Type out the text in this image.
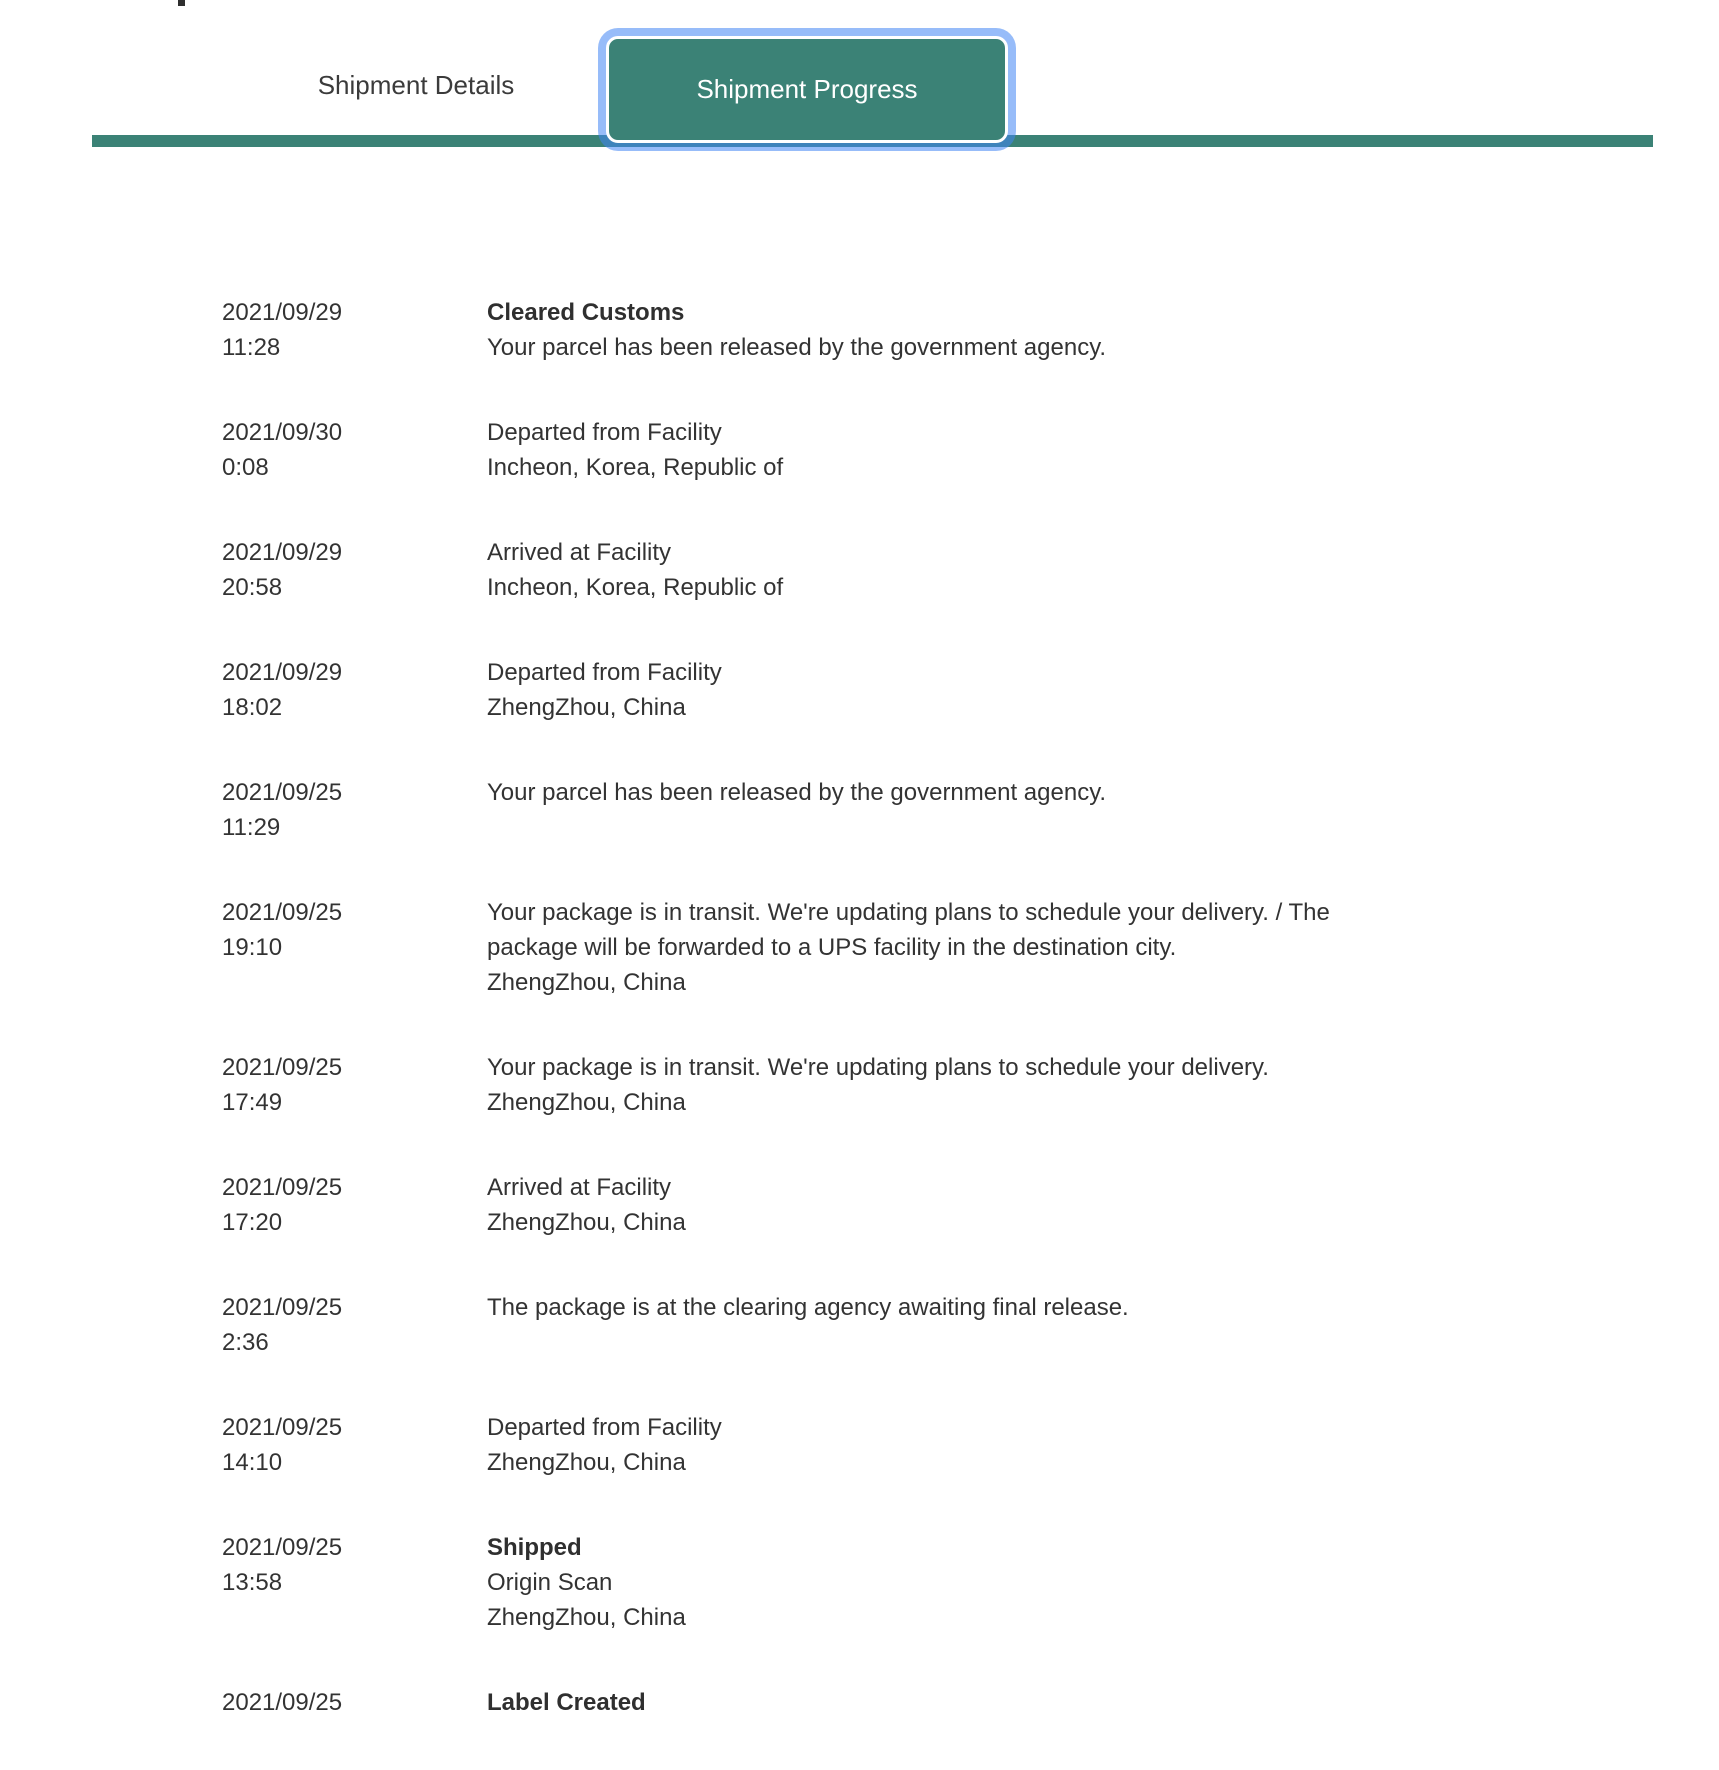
Shipment Details	Shipment Progress
2021/09/29
11:28
Cleared Customs
Your parcel has been released by the government agency.
2021/09/30
0:08
Departed from Facility
Incheon, Korea, Republic of
2021/09/29
20:58
Arrived at Facility
Incheon, Korea, Republic of
2021/09/29
18:02
Departed from Facility
ZhengZhou, China
2021/09/25
11:29
Your parcel has been released by the government agency.
2021/09/25
19:10
Your package is in transit. We're updating plans to schedule your delivery. / The
package will be forwarded to a UPS facility in the destination city.
ZhengZhou, China
2021/09/25
17:49
Your package is in transit. We're updating plans to schedule your delivery.
ZhengZhou, China
2021/09/25
17:20
Arrived at Facility
ZhengZhou, China
2021/09/25
2:36
The package is at the clearing agency awaiting final release.
2021/09/25
14:10
Departed from Facility
ZhengZhou, China
2021/09/25
13:58
Shipped
Origin Scan
ZhengZhou, China
2021/09/25	Label Created
